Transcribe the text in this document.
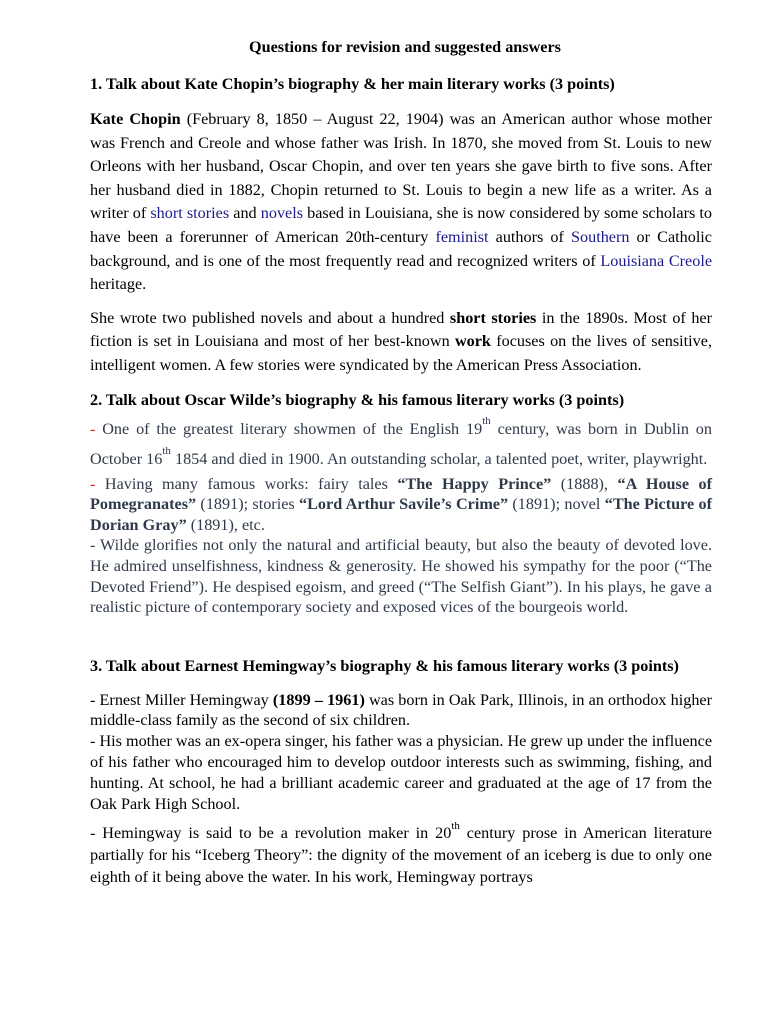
Questions for revision and suggested answers
1. Talk about Kate Chopin’s biography & her main literary works (3 points)

Kate Chopin (February 8, 1850 – August 22, 1904) was an American author whose mother was French and Creole and whose father was Irish. In 1870, she moved from St. Louis to new Orleons with her husband, Oscar Chopin, and over ten years she gave birth to five sons. After her husband died in 1882, Chopin returned to St. Louis to begin a new life as a writer. As a writer of short stories and novels based in Louisiana, she is now considered by some scholars to have been a forerunner of American 20th-century feminist authors of Southern or Catholic background, and is one of the most frequently read and recognized writers of Louisiana Creole heritage.

She wrote two published novels and about a hundred short stories in the 1890s. Most of her fiction is set in Louisiana and most of her best-known work focuses on the lives of sensitive, intelligent women. A few stories were syndicated by the American Press Association.

2. Talk about Oscar Wilde’s biography & his famous literary works (3 points)

- One of the greatest literary showmen of the English 19th century, was born in Dublin on October 16th 1854 and died in 1900. An outstanding scholar, a talented poet, writer, playwright.

- Having many famous works: fairy tales “The Happy Prince” (1888), “A House of Pomegranates” (1891); stories “Lord Arthur Savile’s Crime” (1891); novel “The Picture of Dorian Gray” (1891), etc.

- Wilde glorifies not only the natural and artificial beauty, but also the beauty of devoted love. He admired unselfishness, kindness & generosity. He showed his sympathy for the poor (“The Devoted Friend”). He despised egoism, and greed (“The Selfish Giant”). In his plays, he gave a realistic picture of contemporary society and exposed vices of the bourgeois world.

3. Talk about Earnest Hemingway’s biography & his famous literary works (3 points)

- Ernest Miller Hemingway (1899 – 1961) was born in Oak Park, Illinois, in an orthodox higher middle-class family as the second of six children.

- His mother was an ex-opera singer, his father was a physician. He grew up under the influence of his father who encouraged him to develop outdoor interests such as swimming, fishing, and hunting. At school, he had a brilliant academic career and graduated at the age of 17 from the Oak Park High School.

- Hemingway is said to be a revolution maker in 20th century prose in American literature partially for his “Iceberg Theory”: the dignity of the movement of an iceberg is due to only one eighth of it being above the water. In his work, Hemingway portrays
